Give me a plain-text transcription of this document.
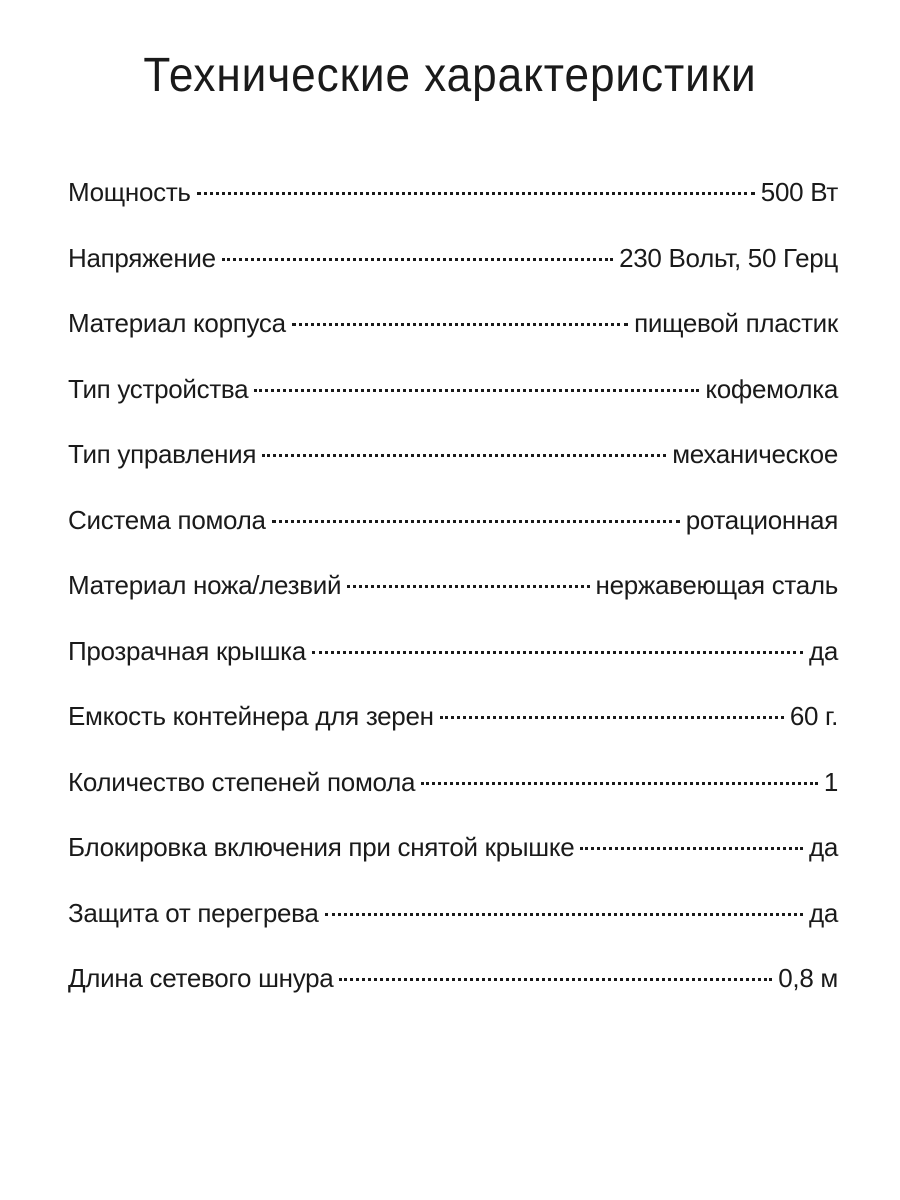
Технические характеристики
Мощность	500 Вт
Напряжение	230 Вольт, 50 Герц
Материал корпуса	пищевой пластик
Тип устройства	кофемолка
Тип управления	механическое
Система помола	ротационная
Материал ножа/лезвий	нержавеющая сталь
Прозрачная крышка	да
Емкость контейнера для зерен	60 г.
Количество степеней помола	1
Блокировка включения при снятой крышке	да
Защита от перегрева	да
Длина сетевого шнура	0,8 м
